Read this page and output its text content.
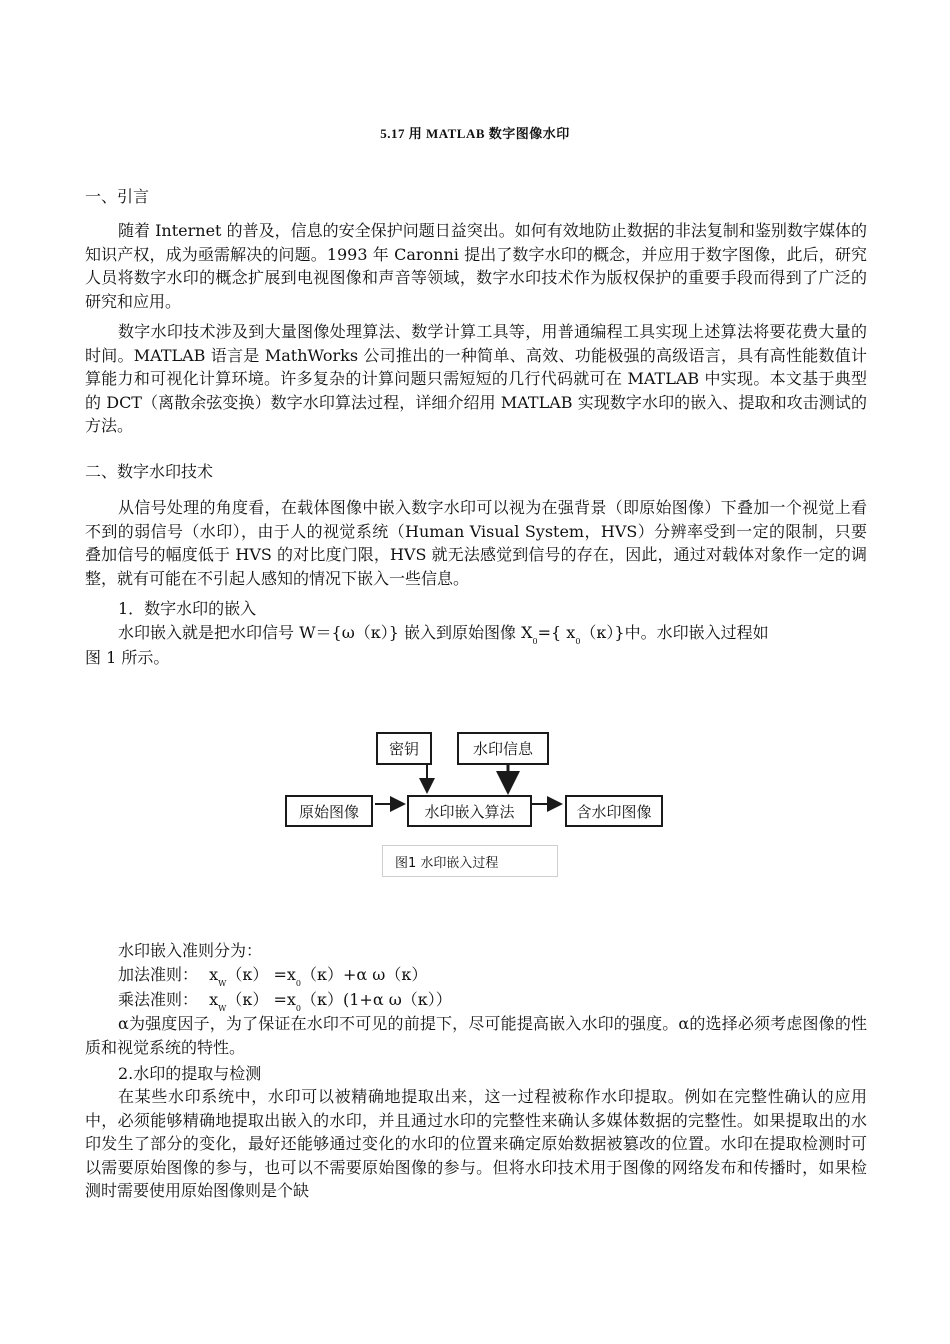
5.17 用 MATLAB 数字图像水印
一、引言

随着 Internet 的普及，信息的安全保护问题日益突出。如何有效地防止数据的非法复制和鉴别数字媒体的知识产权，成为亟需解决的问题。1993 年 Caronni 提出了数字水印的概念，并应用于数字图像，此后，研究人员将数字水印的概念扩展到电视图像和声音等领域，数字水印技术作为版权保护的重要手段而得到了广泛的研究和应用。

数字水印技术涉及到大量图像处理算法、数学计算工具等，用普通编程工具实现上述算法将要花费大量的时间。MATLAB 语言是 MathWorks 公司推出的一种简单、高效、功能极强的高级语言，具有高性能数值计算能力和可视化计算环境。许多复杂的计算问题只需短短的几行代码就可在 MATLAB 中实现。本文基于典型的 DCT（离散余弦变换）数字水印算法过程，详细介绍用 MATLAB 实现数字水印的嵌入、提取和攻击测试的方法。

二、数字水印技术

从信号处理的角度看，在载体图像中嵌入数字水印可以视为在强背景（即原始图像）下叠加一个视觉上看不到的弱信号（水印），由于人的视觉系统（Human Visual System，HVS）分辨率受到一定的限制，只要叠加信号的幅度低于 HVS 的对比度门限，HVS 就无法感觉到信号的存在，因此，通过对载体对象作一定的调整，就有可能在不引起人感知的情况下嵌入一些信息。

1．数字水印的嵌入
水印嵌入就是把水印信号 W＝{ω（κ）} 嵌入到原始图像 $X_0=${ $x_0(\kappa)$}中。水印嵌入过程如
图 1 所示。
密钥	水印信息
原始图像	水印嵌入算法	含水印图像
图1 水印嵌入过程
水印嵌入准则分为：
加法准则： $x_W(\kappa) =x_0(\kappa)+\alpha$ ω（κ）
乘法准则： $x_W(\kappa) =x_0(\kappa)(1+\alpha$ ω（κ））

α为强度因子，为了保证在水印不可见的前提下，尽可能提高嵌入水印的强度。α的选择必须考虑图像的性质和视觉系统的特性。

2.水印的提取与检测

在某些水印系统中，水印可以被精确地提取出来，这一过程被称作水印提取。例如在完整性确认的应用中，必须能够精确地提取出嵌入的水印，并且通过水印的完整性来确认多媒体数据的完整性。如果提取出的水印发生了部分的变化，最好还能够通过变化的水印的位置来确定原始数据被篡改的位置。水印在提取检测时可以需要原始图像的参与，也可以不需要原始图像的参与。但将水印技术用于图像的网络发布和传播时，如果检测时需要使用原始图像则是个缺
